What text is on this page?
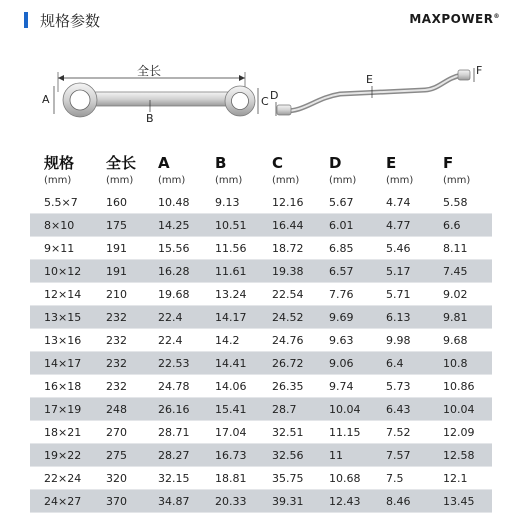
规格参数	MAXPOWER®
全长
A
B
C D
E
F
规格	全长	A	B	C	D	E	F
(mm)	(mm)	(mm)	(mm)	(mm)	(mm)	(mm)	(mm)
5.5×7	160	10.48	9.13	12.16	5.67	4.74	5.58
8×10	175	14.25	10.51	16.44	6.01	4.77	6.6
9×11	191	15.56	11.56	18.72	6.85	5.46	8.11
10×12	191	16.28	11.61	19.38	6.57	5.17	7.45
12×14	210	19.68	13.24	22.54	7.76	5.71	9.02
13×15	232	22.4	14.17	24.52	9.69	6.13	9.81
13×16	232	22.4	14.2	24.76	9.63	9.98	9.68
14×17	232	22.53	14.41	26.72	9.06	6.4	10.8
16×18	232	24.78	14.06	26.35	9.74	5.73	10.86
17×19	248	26.16	15.41	28.7	10.04	6.43	10.04
18×21	270	28.71	17.04	32.51	11.15	7.52	12.09
19×22	275	28.27	16.73	32.56	11	7.57	12.58
22×24	320	32.15	18.81	35.75	10.68	7.5	12.1
24×27	370	34.87	20.33	39.31	12.43	8.46	13.45
